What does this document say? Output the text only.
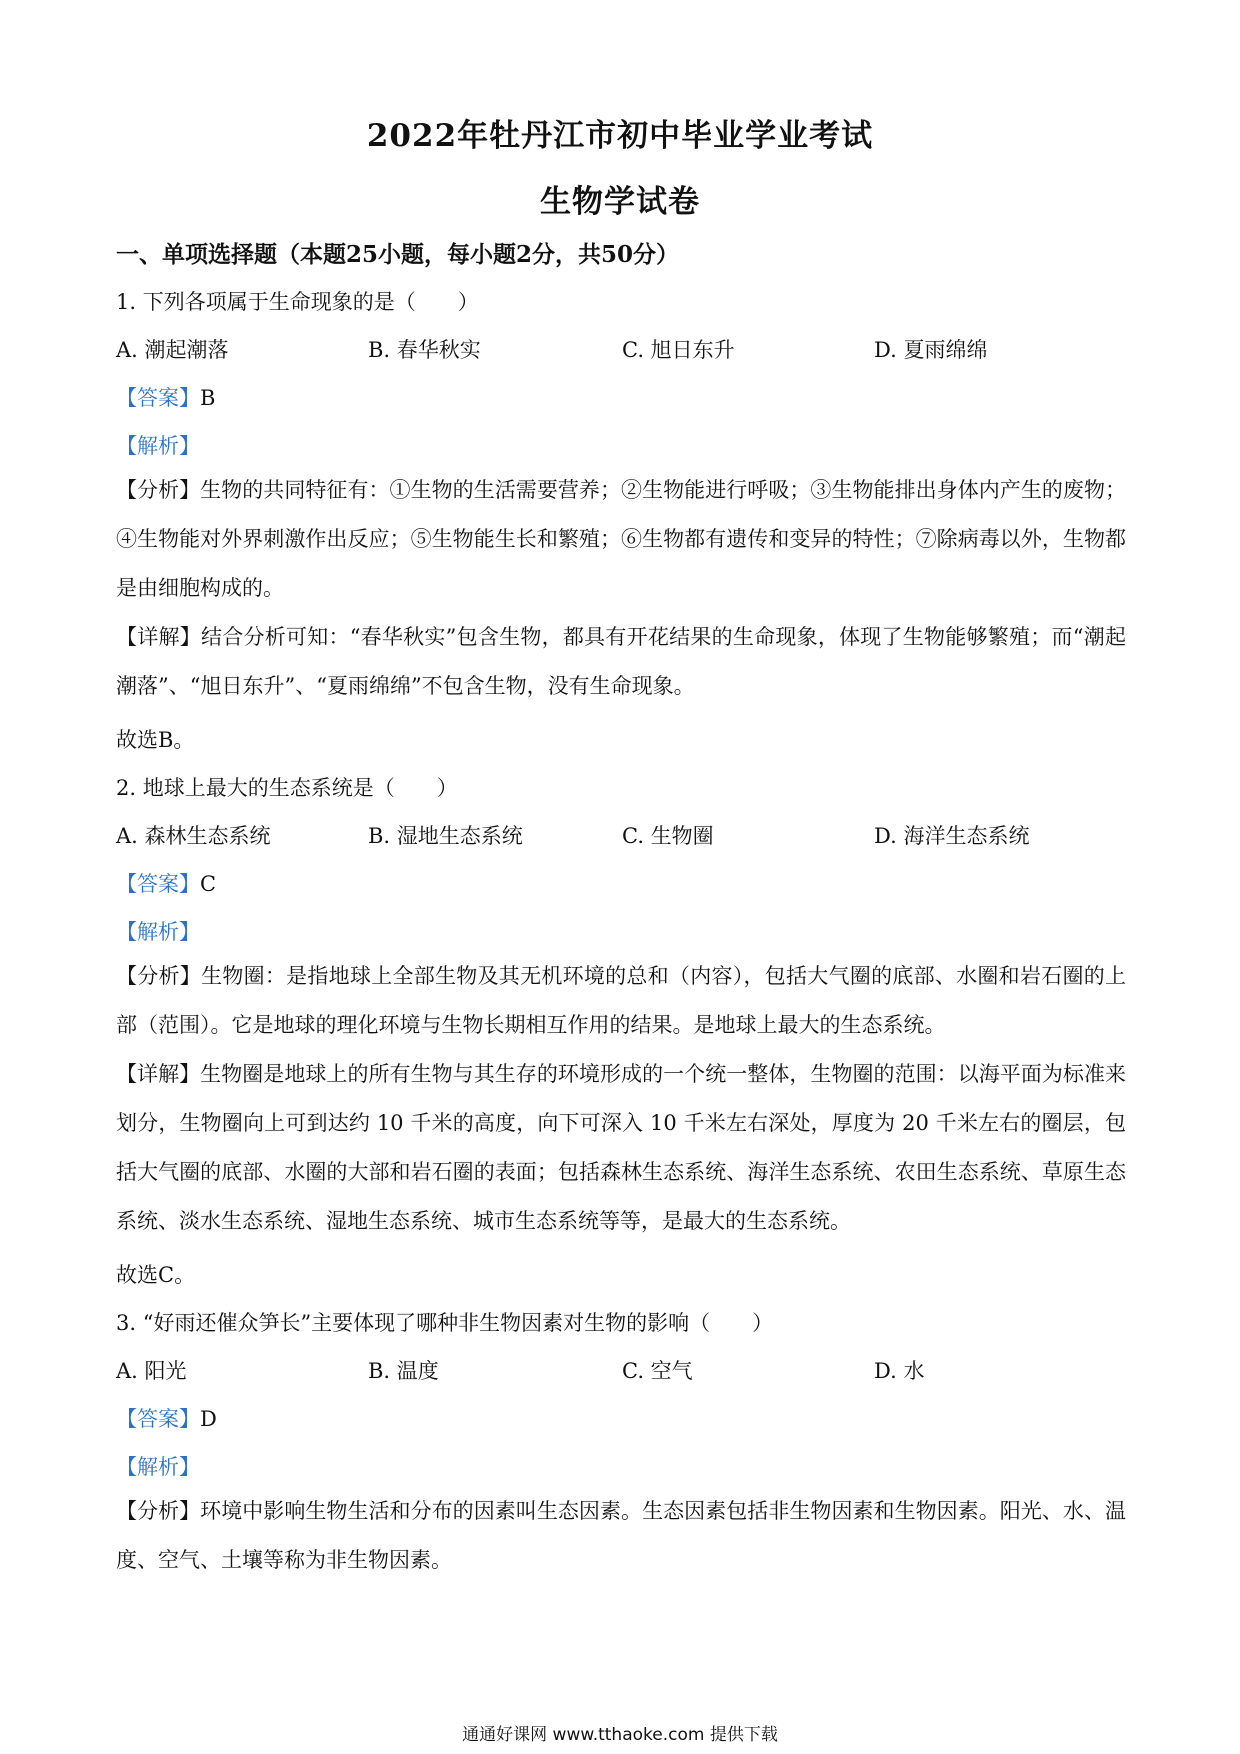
2022年牡丹江市初中毕业学业考试
生物学试卷
一、单项选择题（本题25小题，每小题2分，共50分）
1. 下列各项属于生命现象的是（　　）
A. 潮起潮落	B. 春华秋实	C. 旭日东升	D. 夏雨绵绵
【答案】B
【解析】
【分析】生物的共同特征有：①生物的生活需要营养；②生物能进行呼吸；③生物能排出身体内产生的废物；④生物能对外界刺激作出反应；⑤生物能生长和繁殖；⑥生物都有遗传和变异的特性；⑦除病毒以外，生物都是由细胞构成的。
【详解】结合分析可知：“春华秋实”包含生物，都具有开花结果的生命现象，体现了生物能够繁殖；而“潮起潮落”、“旭日东升”、“夏雨绵绵”不包含生物，没有生命现象。
故选B。
2. 地球上最大的生态系统是（　　）
A. 森林生态系统	B. 湿地生态系统	C. 生物圈	D. 海洋生态系统
【答案】C
【解析】
【分析】生物圈：是指地球上全部生物及其无机环境的总和（内容），包括大气圈的底部、水圈和岩石圈的上部（范围）。它是地球的理化环境与生物长期相互作用的结果。是地球上最大的生态系统。
【详解】生物圈是地球上的所有生物与其生存的环境形成的一个统一整体，生物圈的范围：以海平面为标准来划分，生物圈向上可到达约 10 千米的高度，向下可深入 10 千米左右深处，厚度为 20 千米左右的圈层，包括大气圈的底部、水圈的大部和岩石圈的表面；包括森林生态系统、海洋生态系统、农田生态系统、草原生态系统、淡水生态系统、湿地生态系统、城市生态系统等等，是最大的生态系统。
故选C。
3. “好雨还催众笋长”主要体现了哪种非生物因素对生物的影响（　　）
A. 阳光	B. 温度	C. 空气	D. 水
【答案】D
【解析】
【分析】环境中影响生物生活和分布的因素叫生态因素。生态因素包括非生物因素和生物因素。阳光、水、温度、空气、土壤等称为非生物因素。
通通好课网 www.tthaoke.com 提供下载
